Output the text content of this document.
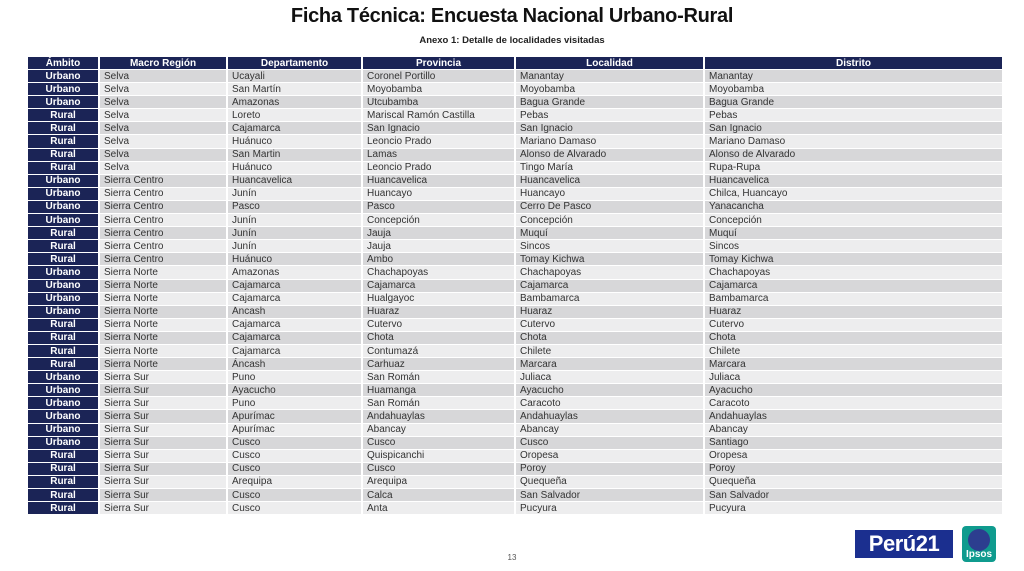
Ficha Técnica: Encuesta Nacional Urbano-Rural
Anexo 1: Detalle de localidades visitadas
Ámbito	Macro Región	Departamento	Provincia	Localidad	Distrito
Urbano	Selva	Ucayali	Coronel Portillo	Manantay	Manantay
Urbano	Selva	San Martín	Moyobamba	Moyobamba	Moyobamba
Urbano	Selva	Amazonas	Utcubamba	Bagua Grande	Bagua Grande
Rural	Selva	Loreto	Mariscal Ramón Castilla	Pebas	Pebas
Rural	Selva	Cajamarca	San Ignacio	San Ignacio	San Ignacio
Rural	Selva	Huánuco	Leoncio Prado	Mariano Damaso	Mariano Damaso
Rural	Selva	San Martin	Lamas	Alonso de Alvarado	Alonso de Alvarado
Rural	Selva	Huánuco	Leoncio Prado	Tingo María	Rupa-Rupa
Urbano	Sierra Centro	Huancavelica	Huancavelica	Huancavelica	Huancavelica
Urbano	Sierra Centro	Junín	Huancayo	Huancayo	Chilca, Huancayo
Urbano	Sierra Centro	Pasco	Pasco	Cerro De Pasco	Yanacancha
Urbano	Sierra Centro	Junín	Concepción	Concepción	Concepción
Rural	Sierra Centro	Junín	Jauja	Muquí	Muquí
Rural	Sierra Centro	Junín	Jauja	Sincos	Sincos
Rural	Sierra Centro	Huánuco	Ambo	Tomay Kichwa	Tomay Kichwa
Urbano	Sierra Norte	Amazonas	Chachapoyas	Chachapoyas	Chachapoyas
Urbano	Sierra Norte	Cajamarca	Cajamarca	Cajamarca	Cajamarca
Urbano	Sierra Norte	Cajamarca	Hualgayoc	Bambamarca	Bambamarca
Urbano	Sierra Norte	Áncash	Huaraz	Huaraz	Huaraz
Rural	Sierra Norte	Cajamarca	Cutervo	Cutervo	Cutervo
Rural	Sierra Norte	Cajamarca	Chota	Chota	Chota
Rural	Sierra Norte	Cajamarca	Contumazá	Chilete	Chilete
Rural	Sierra Norte	Áncash	Carhuaz	Marcara	Marcara
Urbano	Sierra Sur	Puno	San Román	Juliaca	Juliaca
Urbano	Sierra Sur	Ayacucho	Huamanga	Ayacucho	Ayacucho
Urbano	Sierra Sur	Puno	San Román	Caracoto	Caracoto
Urbano	Sierra Sur	Apurímac	Andahuaylas	Andahuaylas	Andahuaylas
Urbano	Sierra Sur	Apurímac	Abancay	Abancay	Abancay
Urbano	Sierra Sur	Cusco	Cusco	Cusco	Santiago
Rural	Sierra Sur	Cusco	Quispicanchi	Oropesa	Oropesa
Rural	Sierra Sur	Cusco	Cusco	Poroy	Poroy
Rural	Sierra Sur	Arequipa	Arequipa	Quequeña	Quequeña
Rural	Sierra Sur	Cusco	Calca	San Salvador	San Salvador
Rural	Sierra Sur	Cusco	Anta	Pucyura	Pucyura
13
Perú21	Ipsos
